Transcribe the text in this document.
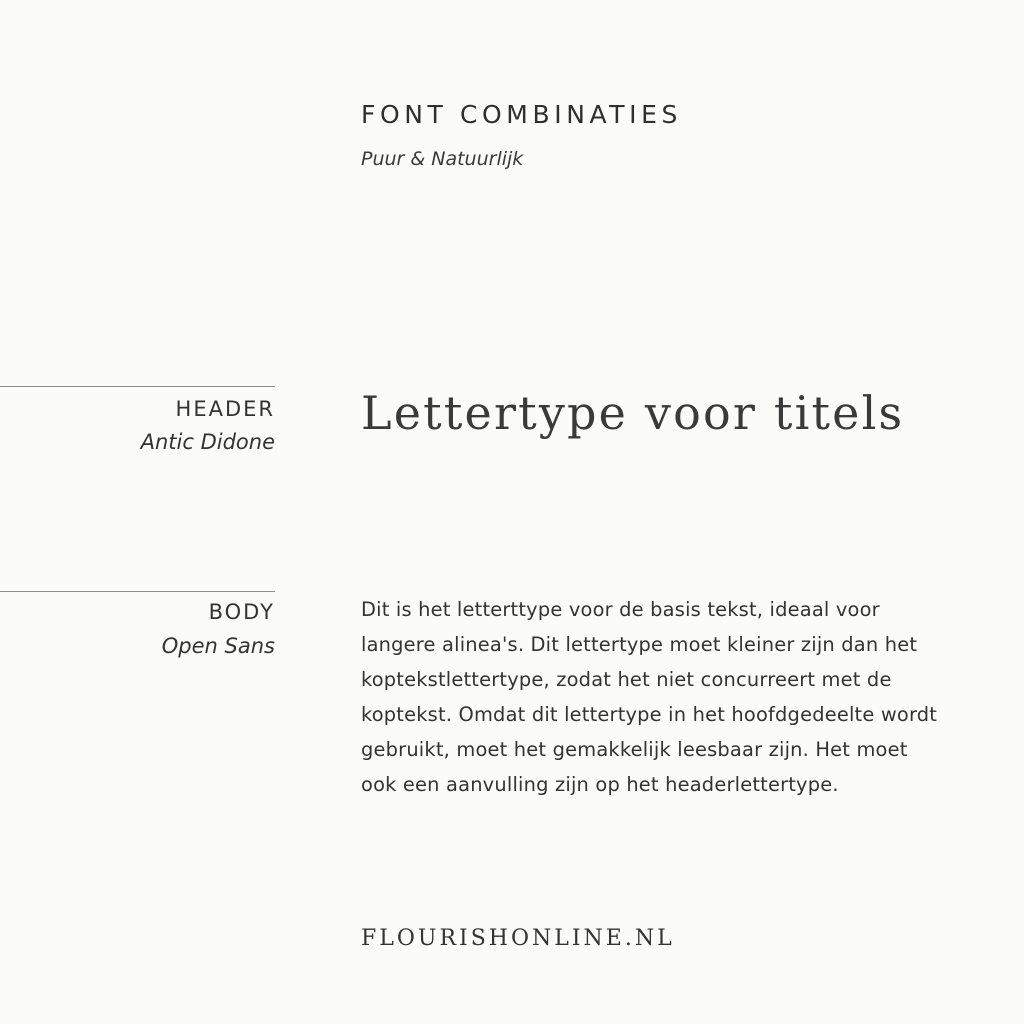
FONT COMBINATIES
Puur & Natuurlijk
HEADER
Antic Didone
Lettertype voor titels
BODY
Open Sans
Dit is het letterttype voor de basis tekst, ideaal voor langere alinea's. Dit lettertype moet kleiner zijn dan het koptekstlettertype, zodat het niet concurreert met de koptekst. Omdat dit lettertype in het hoofdgedeelte wordt gebruikt, moet het gemakkelijk leesbaar zijn. Het moet ook een aanvulling zijn op het headerlettertype.
FLOURISHONLINE.NL
